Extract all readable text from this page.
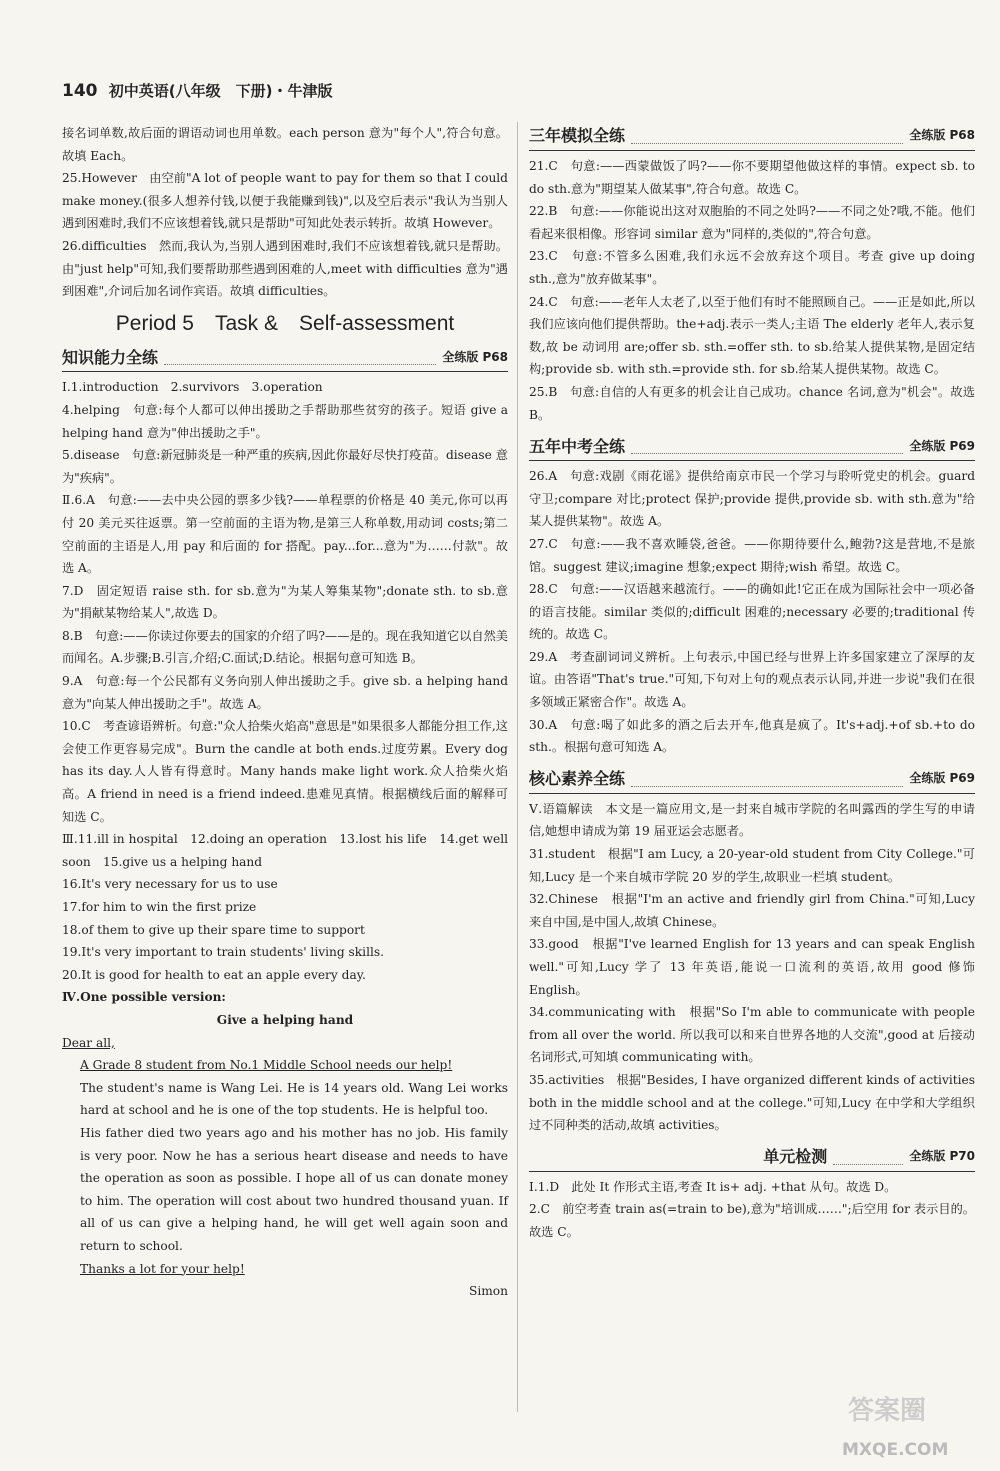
140 初中英语(八年级　下册)・牛津版

接名词单数,故后面的谓语动词也用单数。each person 意为"每个人",符合句意。故填 Each。

25.However　由空前"A lot of people want to pay for them so that I could make money.(很多人想养付钱,以便于我能赚到钱)",以及空后表示"我认为当别人遇到困难时,我们不应该想着钱,就只是帮助"可知此处表示转折。故填 However。

26.difficulties　然而,我认为,当别人遇到困难时,我们不应该想着钱,就只是帮助。由"just help"可知,我们要帮助那些遇到困难的人,meet with difficulties 意为"遇到困难",介词后加名词作宾语。故填 difficulties。

Period 5　Task &　Self-assessment
知识能力全练	全练版 P68

Ⅰ.1.introduction　2.survivors　3.operation

4.helping　句意:每个人都可以伸出援助之手帮助那些贫穷的孩子。短语 give a helping hand 意为"伸出援助之手"。

5.disease　句意:新冠肺炎是一种严重的疾病,因此你最好尽快打疫苗。disease 意为"疾病"。

Ⅱ.6.A　句意:——去中央公园的票多少钱?——单程票的价格是 40 美元,你可以再付 20 美元买往返票。第一空前面的主语为物,是第三人称单数,用动词 costs;第二空前面的主语是人,用 pay 和后面的 for 搭配。pay...for...意为"为……付款"。故选 A。

7.D　固定短语 raise sth. for sb.意为"为某人筹集某物";donate sth. to sb.意为"捐献某物给某人",故选 D。

8.B　句意:——你读过你要去的国家的介绍了吗?——是的。现在我知道它以自然美而闻名。A.步骤;B.引言,介绍;C.面试;D.结论。根据句意可知选 B。

9.A　句意:每一个公民都有义务向别人伸出援助之手。give sb. a helping hand 意为"向某人伸出援助之手"。故选 A。

10.C　考查谚语辨析。句意:"众人拾柴火焰高"意思是"如果很多人都能分担工作,这会使工作更容易完成"。Burn the candle at both ends.过度劳累。Every dog has its day.人人皆有得意时。Many hands make light work.众人拾柴火焰高。A friend in need is a friend indeed.患难见真情。根据横线后面的解释可知选 C。

Ⅲ.11.ill in hospital　12.doing an operation　13.lost his life　14.get well soon　15.give us a helping hand

16.It's very necessary for us to use

17.for him to win the first prize

18.of them to give up their spare time to support

19.It's very important to train students' living skills.

20.It is good for health to eat an apple every day.

Ⅳ.One possible version:

Give a helping hand

Dear all,

A Grade 8 student from No.1 Middle School needs our help!

The student's name is Wang Lei. He is 14 years old. Wang Lei works hard at school and he is one of the top students. He is helpful too.

His father died two years ago and his mother has no job. His family is very poor. Now he has a serious heart disease and needs to have the operation as soon as possible. I hope all of us can donate money to him. The operation will cost about two hundred thousand yuan. If all of us can give a helping hand, he will get well again soon and return to school.

Thanks a lot for your help!

Simon

三年模拟全练	全练版 P68

21.C　句意:——西蒙做饭了吗?——你不要期望他做这样的事情。expect sb. to do sth.意为"期望某人做某事",符合句意。故选 C。

22.B　句意:——你能说出这对双胞胎的不同之处吗?——不同之处?哦,不能。他们看起来很相像。形容词 similar 意为"同样的,类似的",符合句意。

23.C　句意:不管多么困难,我们永远不会放弃这个项目。考查 give up doing sth.,意为"放弃做某事"。

24.C　句意:——老年人太老了,以至于他们有时不能照顾自己。——正是如此,所以我们应该向他们提供帮助。the+adj.表示一类人;主语 The elderly 老年人,表示复数,故 be 动词用 are;offer sb. sth.=offer sth. to sb.给某人提供某物,是固定结构;provide sb. with sth.=provide sth. for sb.给某人提供某物。故选 C。

25.B　句意:自信的人有更多的机会让自己成功。chance 名词,意为"机会"。故选 B。

五年中考全练	全练版 P69

26.A　句意:戏剧《雨花谣》提供给南京市民一个学习与聆听党史的机会。guard 守卫;compare 对比;protect 保护;provide 提供,provide sb. with sth.意为"给某人提供某物"。故选 A。

27.C　句意:——我不喜欢睡袋,爸爸。——你期待要什么,鲍勃?这是营地,不是旅馆。suggest 建议;imagine 想象;expect 期待;wish 希望。故选 C。

28.C　句意:——汉语越来越流行。——的确如此!它正在成为国际社会中一项必备的语言技能。similar 类似的;difficult 困难的;necessary 必要的;traditional 传统的。故选 C。

29.A　考查副词词义辨析。上句表示,中国已经与世界上许多国家建立了深厚的友谊。由答语"That's true."可知,下句对上句的观点表示认同,并进一步说"我们在很多领域正紧密合作"。故选 A。

30.A　句意:喝了如此多的酒之后去开车,他真是疯了。It's+adj.+of sb.+to do sth.。根据句意可知选 A。

核心素养全练	全练版 P69

Ⅴ.语篇解读　本文是一篇应用文,是一封来自城市学院的名叫露西的学生写的申请信,她想申请成为第 19 届亚运会志愿者。

31.student　根据"I am Lucy, a 20-year-old student from City College."可知,Lucy 是一个来自城市学院 20 岁的学生,故职业一栏填 student。

32.Chinese　根据"I'm an active and friendly girl from China."可知,Lucy 来自中国,是中国人,故填 Chinese。

33.good　根据"I've learned English for 13 years and can speak English well."可知,Lucy 学了 13 年英语,能说一口流利的英语,故用 good 修饰 English。

34.communicating with　根据"So I'm able to communicate with people from all over the world. 所以我可以和来自世界各地的人交流",good at 后接动名词形式,可知填 communicating with。

35.activities　根据"Besides, I have organized different kinds of activities both in the middle school and at the college."可知,Lucy 在中学和大学组织过不同种类的活动,故填 activities。

单元检测	全练版 P70

Ⅰ.1.D　此处 It 作形式主语,考查 It is+ adj. +that 从句。故选 D。

2.C　前空考查 train as(=train to be),意为"培训成……";后空用 for 表示目的。故选 C。

答案圈
MXQE.COM
